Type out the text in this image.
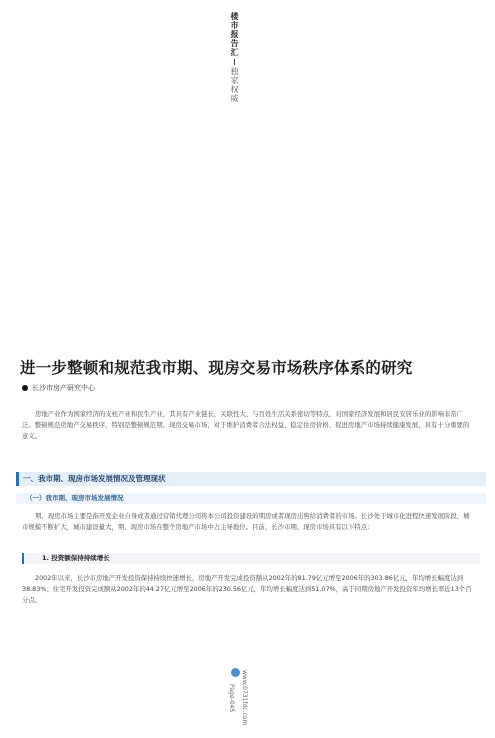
楼市报告汇
独家权威
进一步整顿和规范我市期、现房交易市场秩序体系的研究
长沙市房产研究中心
房地产业作为国家经济的支柱产业和民生产业，其具有产业链长，关联性大、与百姓生活关系密切等特点，对国家经济发展和居民安居乐业的影响非常广泛。整顿规范房地产交易秩序，特别是整顿规范期、现房交易市场，对于维护消费者合法权益、稳定住房价格、促进房地产市场持续健康发展，具有十分重要的意义。
一、我市期、现房市场发展情况及管理现状
（一）我市期、现房市场发展情况
期、现房市场主要是指开发企业自身或者通过营销代理公司将本公司投资建设的期房或者现房出售给消费者的市场。长沙处于城市化进程快速发展阶段，城市规模不断扩大，城市建设量大，期、现房市场在整个房地产市场中占主导地位。目前，长沙市期、现房市场具有以下特点：
1. 投资额保持持续增长
2002年以来，长沙市房地产开发投资保持持续快速增长，房地产开发完成投资额从2002年的81.79亿元增至2006年的303.86亿元，年均增长幅度达到38.83%；住宅开发投资完成额从2002年的44.27亿元增至2006年的230.56亿元，年均增长幅度达到51.07%，高于同期房地产开发投资年均增长率近13个百分点。
Page-045 www.0731fdc.com
